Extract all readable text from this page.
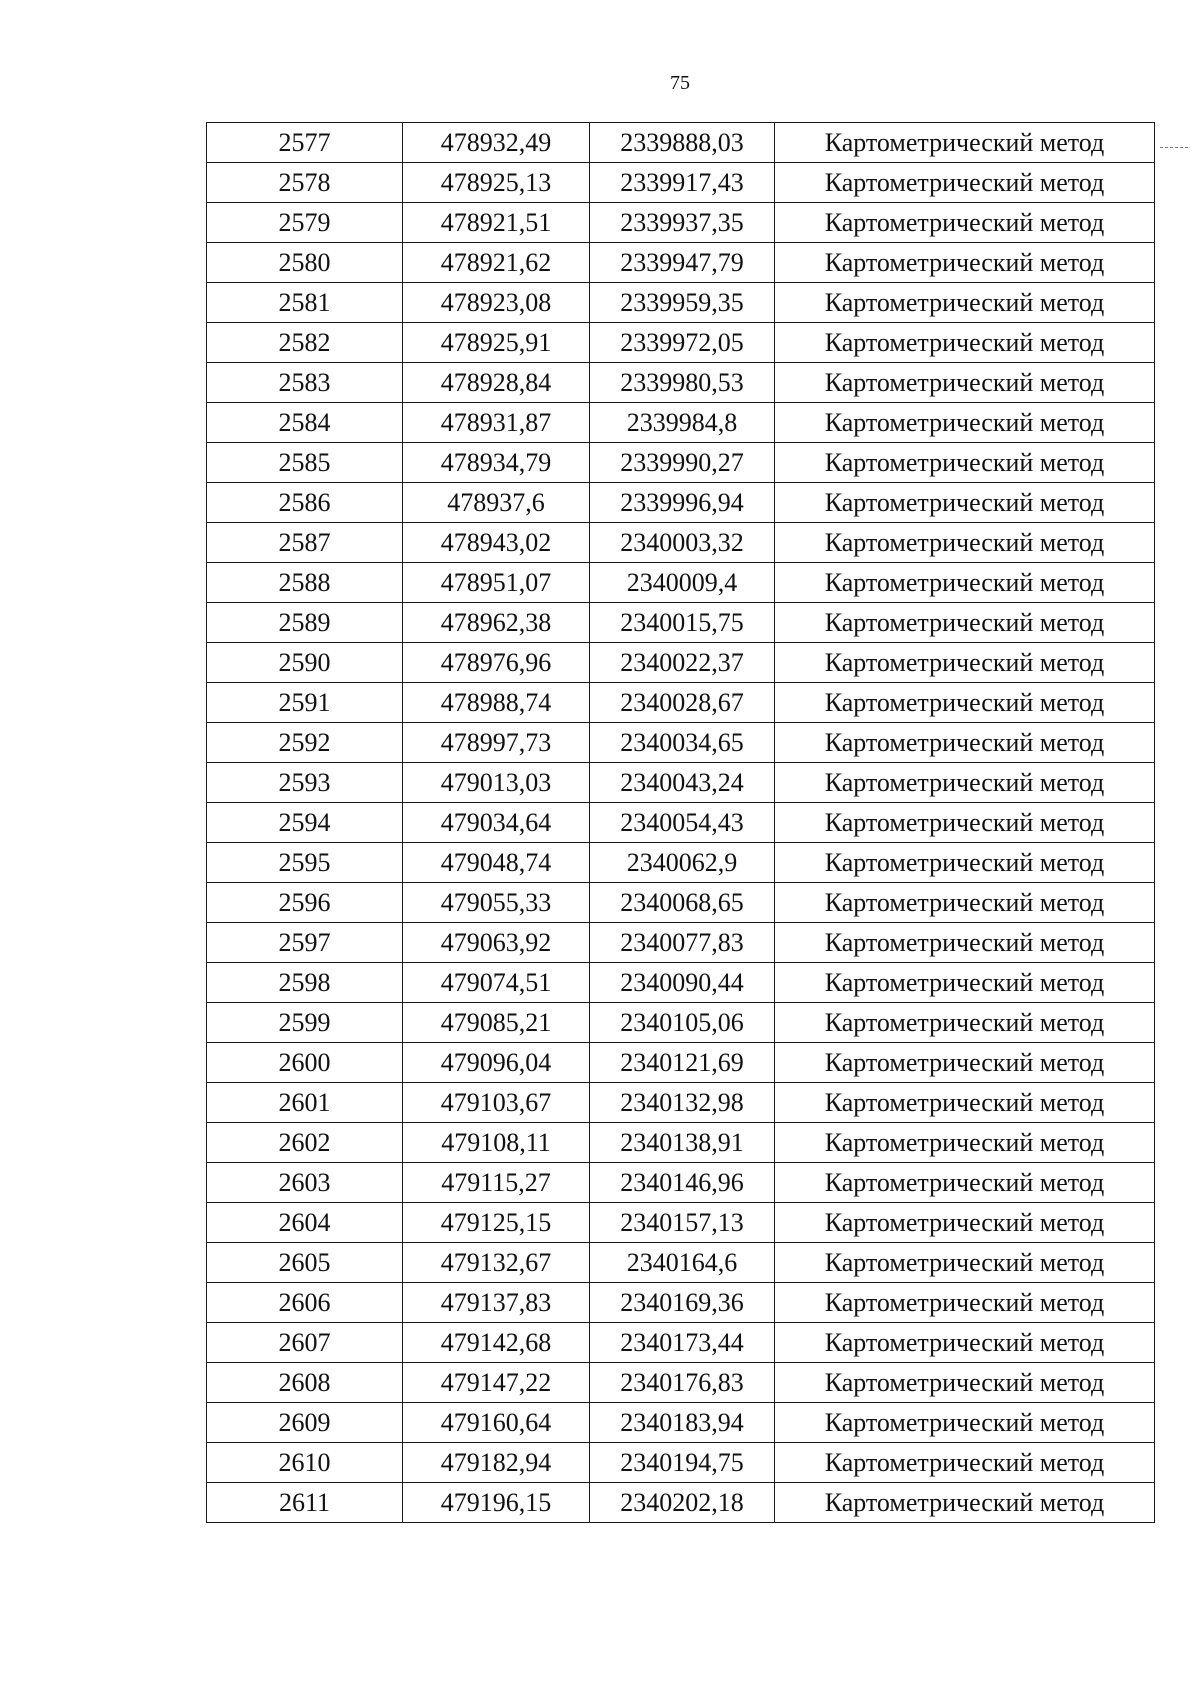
75
2577	478932,49	2339888,03	Картометрический метод
2578	478925,13	2339917,43	Картометрический метод
2579	478921,51	2339937,35	Картометрический метод
2580	478921,62	2339947,79	Картометрический метод
2581	478923,08	2339959,35	Картометрический метод
2582	478925,91	2339972,05	Картометрический метод
2583	478928,84	2339980,53	Картометрический метод
2584	478931,87	2339984,8	Картометрический метод
2585	478934,79	2339990,27	Картометрический метод
2586	478937,6	2339996,94	Картометрический метод
2587	478943,02	2340003,32	Картометрический метод
2588	478951,07	2340009,4	Картометрический метод
2589	478962,38	2340015,75	Картометрический метод
2590	478976,96	2340022,37	Картометрический метод
2591	478988,74	2340028,67	Картометрический метод
2592	478997,73	2340034,65	Картометрический метод
2593	479013,03	2340043,24	Картометрический метод
2594	479034,64	2340054,43	Картометрический метод
2595	479048,74	2340062,9	Картометрический метод
2596	479055,33	2340068,65	Картометрический метод
2597	479063,92	2340077,83	Картометрический метод
2598	479074,51	2340090,44	Картометрический метод
2599	479085,21	2340105,06	Картометрический метод
2600	479096,04	2340121,69	Картометрический метод
2601	479103,67	2340132,98	Картометрический метод
2602	479108,11	2340138,91	Картометрический метод
2603	479115,27	2340146,96	Картометрический метод
2604	479125,15	2340157,13	Картометрический метод
2605	479132,67	2340164,6	Картометрический метод
2606	479137,83	2340169,36	Картометрический метод
2607	479142,68	2340173,44	Картометрический метод
2608	479147,22	2340176,83	Картометрический метод
2609	479160,64	2340183,94	Картометрический метод
2610	479182,94	2340194,75	Картометрический метод
2611	479196,15	2340202,18	Картометрический метод
